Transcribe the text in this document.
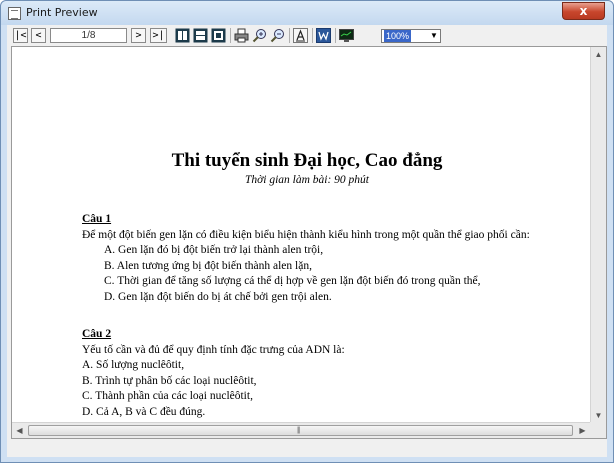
Print Preview	x
|< <	1/8	>	>|	100%	▼
Thi tuyển sinh Đại học, Cao đẳng
Thời gian làm bài: 90 phút
Câu 1
Để một đột biến gen lặn có điều kiện biểu hiện thành kiểu hình trong một quần thể giao phối cần:
A. Gen lặn đó bị đột biến trở lại thành alen trội,
B. Alen tương ứng bị đột biến thành alen lặn,
C. Thời gian để tăng số lượng cá thể dị hợp về gen lặn đột biến đó trong quần thể,
D. Gen lặn đột biến do bị át chế bởi gen trội alen.
Câu 2
Yếu tố cần và đủ để quy định tính đặc trưng của ADN là:
A. Số lượng nuclêôtit,
B. Trình tự phân bố các loại nuclêôtit,
C. Thành phần của các loại nuclêôtit,
D. Cả A, B và C đều đúng.
▲
▼
◀	|||	▶
